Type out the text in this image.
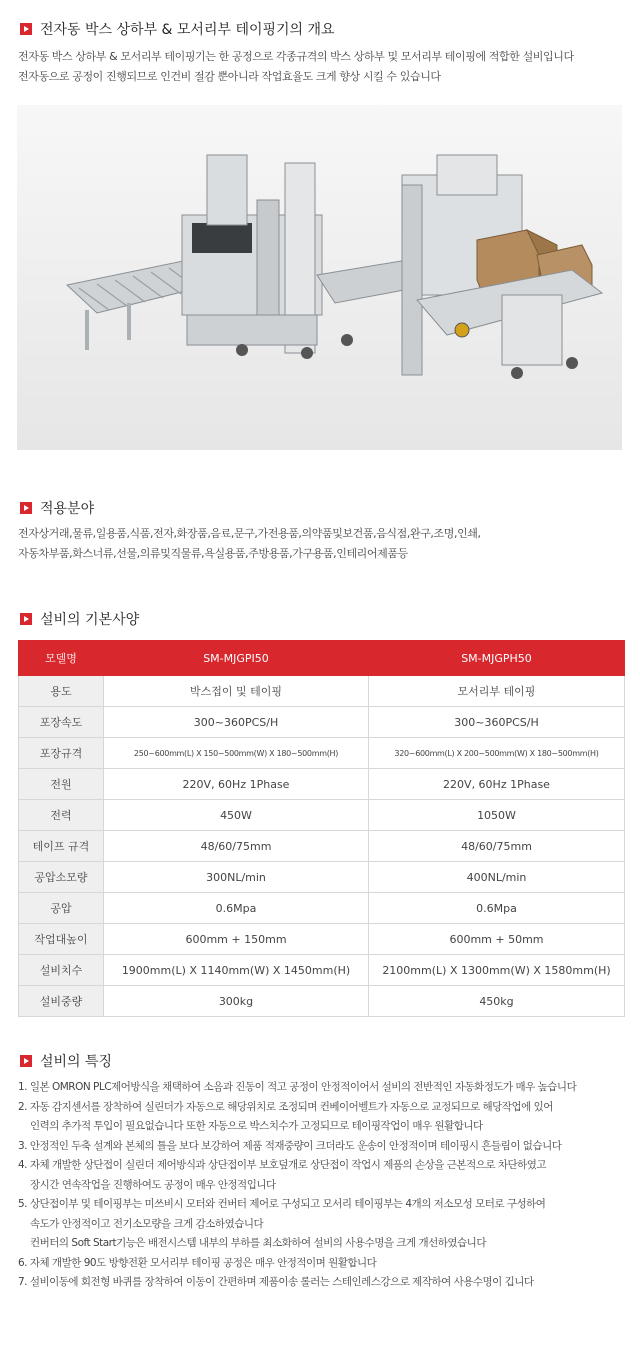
전자동 박스 상하부 & 모서리부 테이핑기의 개요
전자동 박스 상하부 & 모서리부 테이핑기는 한 공정으로 각종규격의 박스 상하부 및 모서리부 테이핑에 적합한 설비입니다
전자동으로 공정이 진행되므로 인건비 절감 뿐아니라 작업효율도 크게 향상 시킬 수 있습니다
적용분야
전자상거래,물류,일용품,식품,전자,화장품,음료,문구,가전용품,의약품및보건품,음식점,완구,조명,인쇄,
자동차부품,화스너류,선물,의류및직물류,욕실용품,주방용품,가구용품,인테리어제품등
설비의 기본사양
모델명	SM-MJGPI50	SM-MJGPH50
용도	박스접이 및 테이핑	모서리부 테이핑
포장속도	300~360PCS/H	300~360PCS/H
포장규격	250~600mm(L) X 150~500mm(W) X 180~500mm(H)	320~600mm(L) X 200~500mm(W) X 180~500mm(H)
전원	220V, 60Hz 1Phase	220V, 60Hz 1Phase
전력	450W	1050W
테이프 규격	48/60/75mm	48/60/75mm
공압소모량	300NL/min	400NL/min
공압	0.6Mpa	0.6Mpa
작업대높이	600mm + 150mm	600mm + 50mm
설비치수	1900mm(L) X 1140mm(W) X 1450mm(H)	2100mm(L) X 1300mm(W) X 1580mm(H)
설비중량	300kg	450kg
설비의 특징
1. 일본 OMRON PLC제어방식을 채택하여 소음과 진동이 적고 공정이 안정적이어서 설비의 전반적인 자동화정도가 매우 높습니다
2. 자동 감지센서를 장착하여 실린더가 자동으로 해당위치로 조정되며 컨베이어벨트가 자동으로 교정되므로 해당작업에 있어
인력의 추가적 투입이 필요없습니다 또한 자동으로 박스치수가 고정되므로 테이핑작업이 매우 원활합니다
3. 안정적인 두축 설계와 본체의 틀을 보다 보강하여 제품 적재중량이 크더라도 운송이 안정적이며 테이핑시 흔들림이 없습니다
4. 자체 개발한 상단접이 실린더 제어방식과 상단접이부 보호덮개로 상단접이 작업시 제품의 손상을 근본적으로 차단하였고
장시간 연속작업을 진행하여도 공정이 매우 안정적입니다
5. 상단접이부 및 테이핑부는 미쓰비시 모터와 컨버터 제어로 구성되고 모서리 테이핑부는 4개의 저소모성 모터로 구성하여
속도가 안정적이고 전기소모량을 크게 감소하였습니다
컨버터의 Soft Start기능은 배전시스템 내부의 부하를 최소화하여 설비의 사용수명을 크게 개선하였습니다
6. 자체 개발한 90도 방향전환 모서리부 테이핑 공정은 매우 안정적이며 원활합니다
7. 설비이동에 회전형 바퀴를 장착하여 이동이 간편하며 제품이송 롤러는 스테인레스강으로 제작하여 사용수명이 깁니다
